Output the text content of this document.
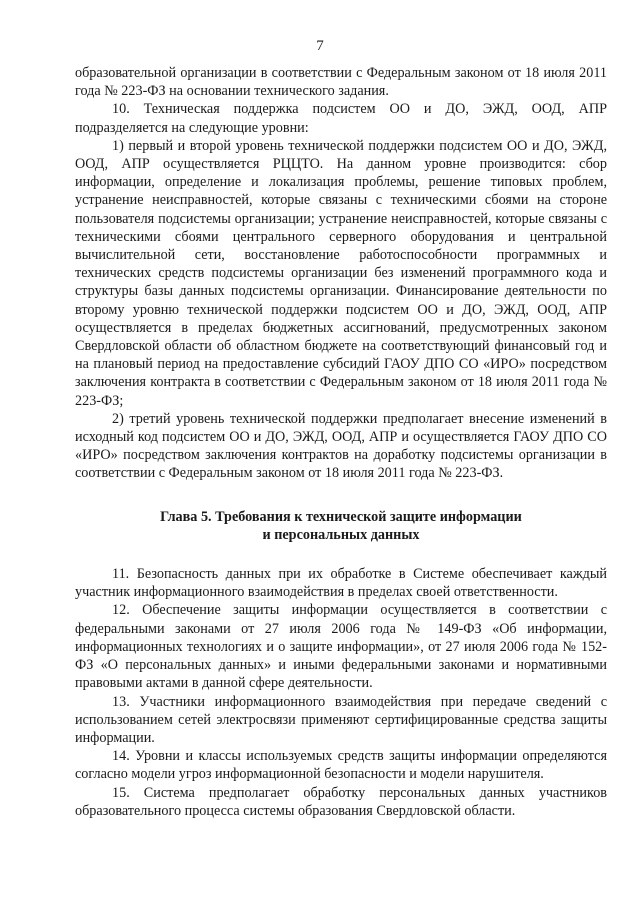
7

образовательной организации в соответствии с Федеральным законом от 18 июля 2011 года № 223-ФЗ на основании технического задания.

10. Техническая поддержка подсистем ОО и ДО, ЭЖД, ООД, АПР подразделяется на следующие уровни:

1) первый и второй уровень технической поддержки подсистем ОО и ДО, ЭЖД, ООД, АПР осуществляется РЦЦТО. На данном уровне производится: сбор информации, определение и локализация проблемы, решение типовых проблем, устранение неисправностей, которые связаны с техническими сбоями на стороне пользователя подсистемы организации; устранение неисправностей, которые связаны с техническими сбоями центрального серверного оборудования и центральной вычислительной сети, восстановление работоспособности программных и технических средств подсистемы организации без изменений программного кода и структуры базы данных подсистемы организации. Финансирование деятельности по второму уровню технической поддержки подсистем ОО и ДО, ЭЖД, ООД, АПР осуществляется в пределах бюджетных ассигнований, предусмотренных законом Свердловской области об областном бюджете на соответствующий финансовый год и на плановый период на предоставление субсидий ГАОУ ДПО СО «ИРО» посредством заключения контракта в соответствии с Федеральным законом от 18 июля 2011 года № 223-ФЗ;

2) третий уровень технической поддержки предполагает внесение изменений в исходный код подсистем ОО и ДО, ЭЖД, ООД, АПР и осуществляется ГАОУ ДПО СО «ИРО» посредством заключения контрактов на доработку подсистемы организации в соответствии с Федеральным законом от 18 июля 2011 года № 223-ФЗ.

Глава 5. Требования к технической защите информации
и персональных данных

11. Безопасность данных при их обработке в Системе обеспечивает каждый участник информационного взаимодействия в пределах своей ответственности.

12. Обеспечение защиты информации осуществляется в соответствии с федеральными законами от 27 июля 2006 года № 149-ФЗ «Об информации, информационных технологиях и о защите информации», от 27 июля 2006 года № 152-ФЗ «О персональных данных» и иными федеральными законами и нормативными правовыми актами в данной сфере деятельности.

13. Участники информационного взаимодействия при передаче сведений с использованием сетей электросвязи применяют сертифицированные средства защиты информации.

14. Уровни и классы используемых средств защиты информации определяются согласно модели угроз информационной безопасности и модели нарушителя.

15. Система предполагает обработку персональных данных участников образовательного процесса системы образования Свердловской области.
